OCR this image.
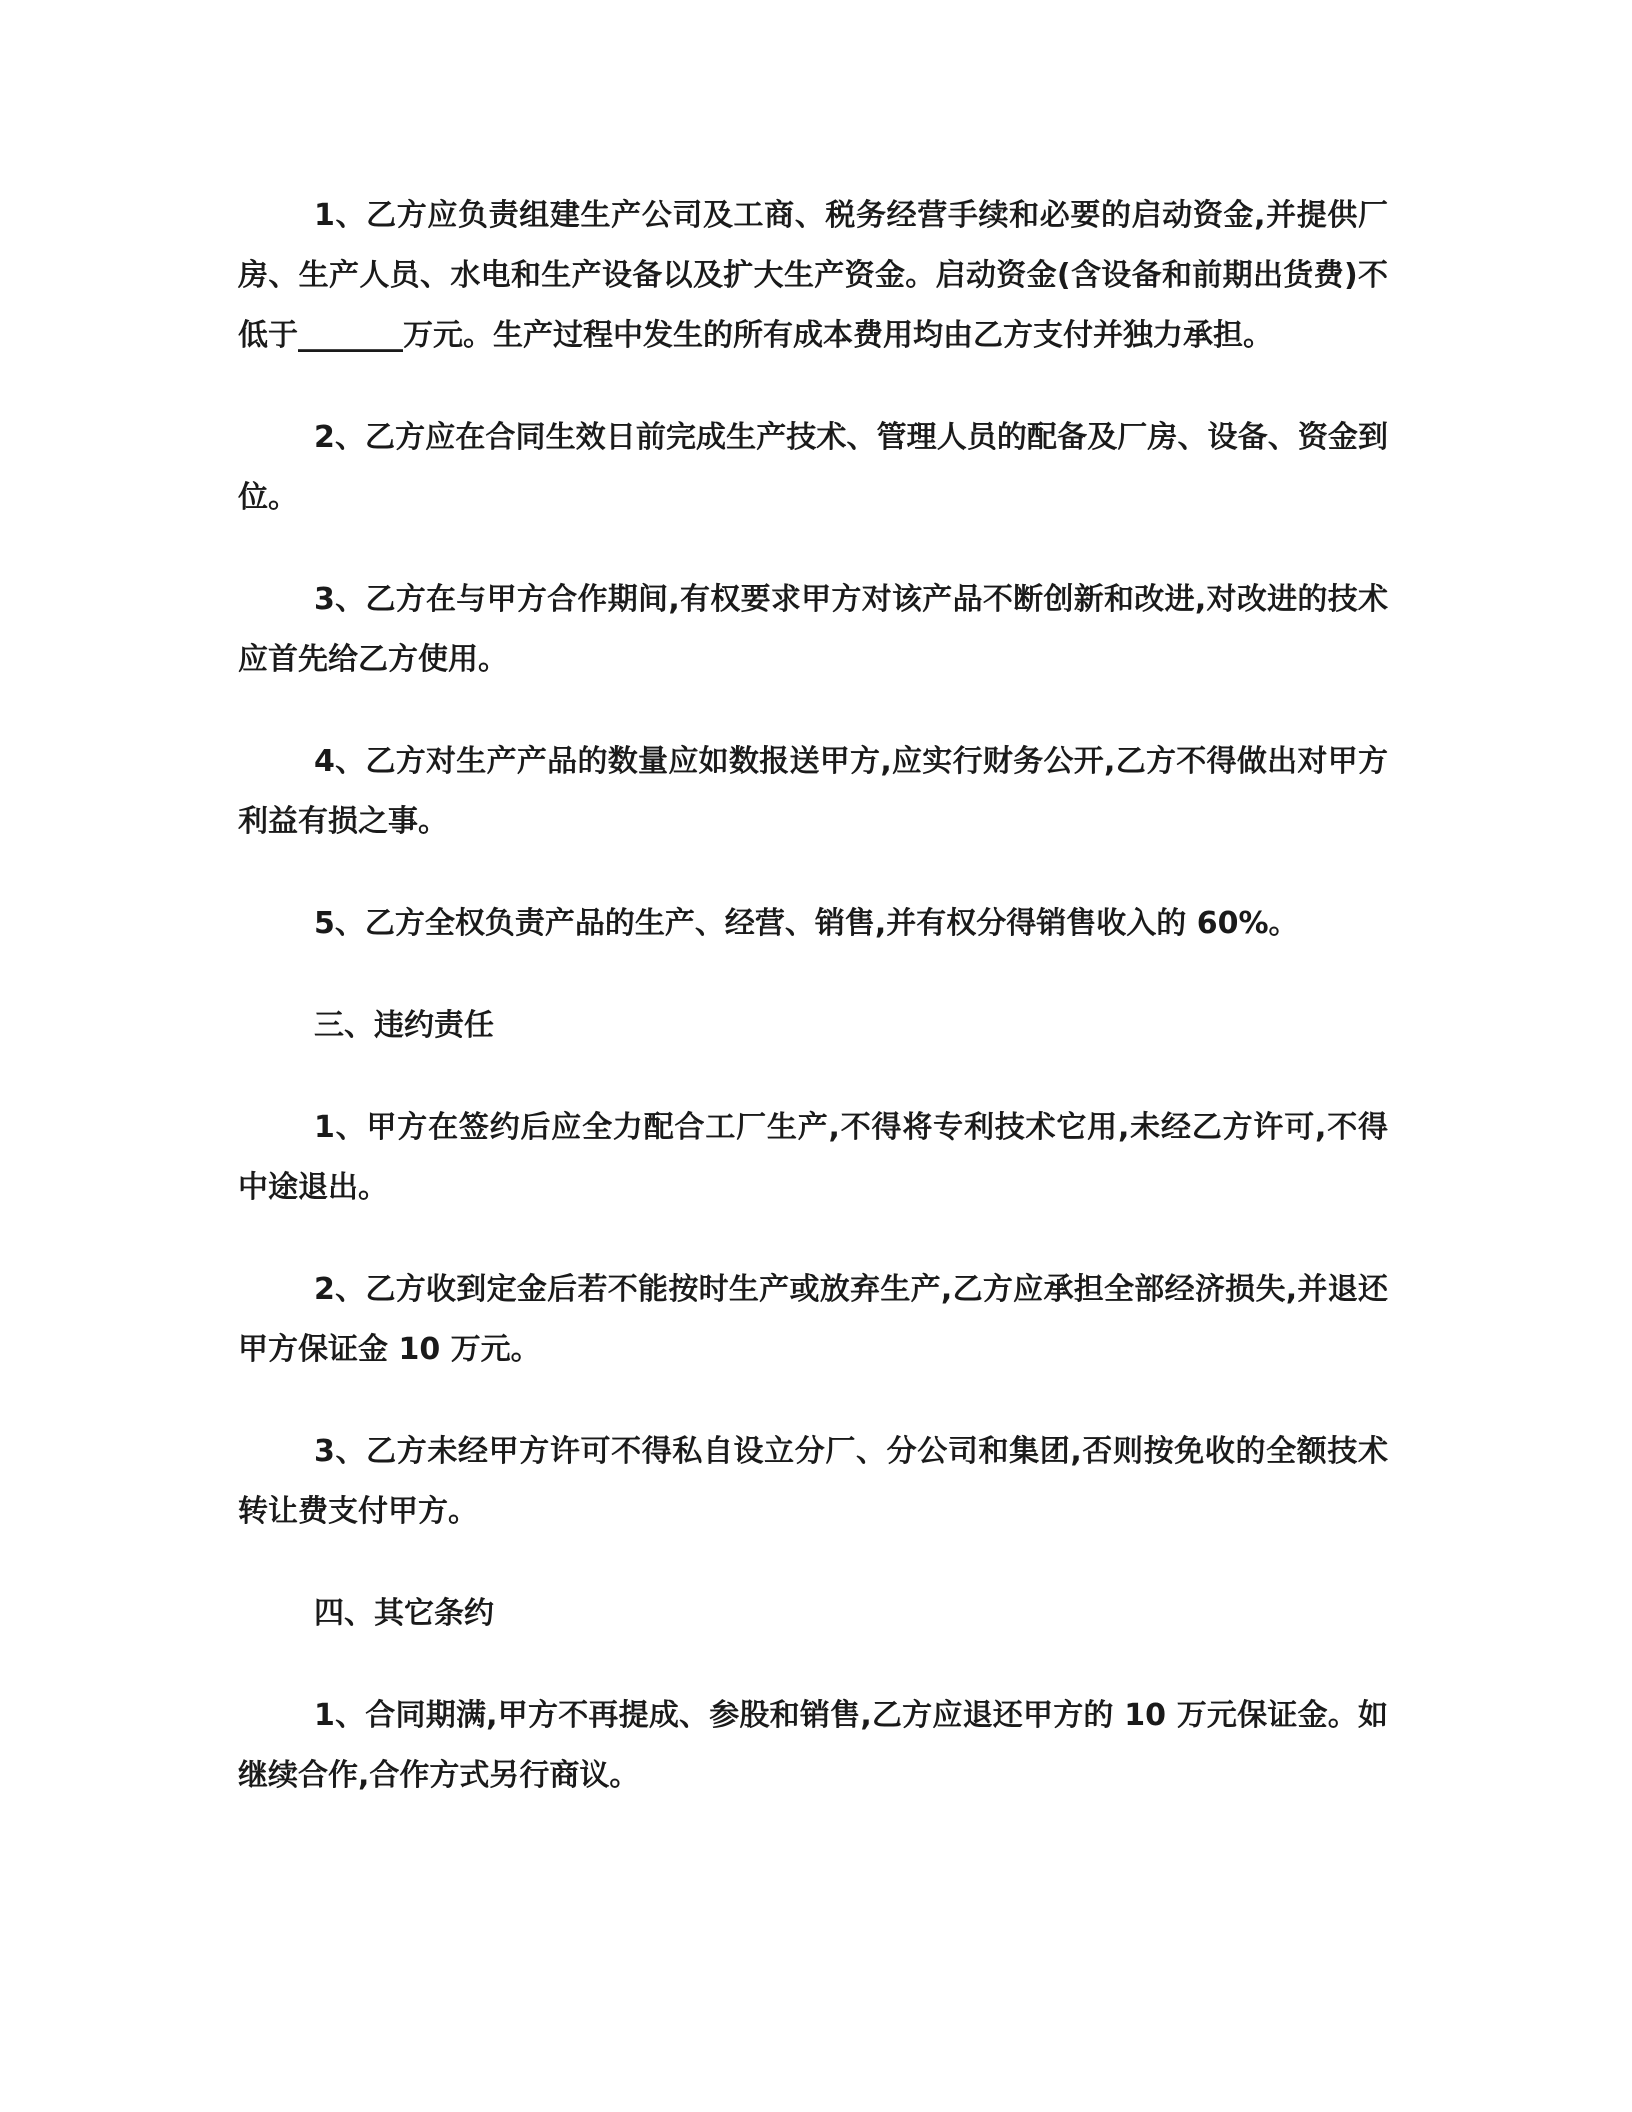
1、乙方应负责组建生产公司及工商、税务经营手续和必要的启动资金,并提供厂房、生产人员、水电和生产设备以及扩大生产资金。启动资金(含设备和前期出货费)不低于_______万元。生产过程中发生的所有成本费用均由乙方支付并独力承担。

2、乙方应在合同生效日前完成生产技术、管理人员的配备及厂房、设备、资金到位。

3、乙方在与甲方合作期间,有权要求甲方对该产品不断创新和改进,对改进的技术应首先给乙方使用。

4、乙方对生产产品的数量应如数报送甲方,应实行财务公开,乙方不得做出对甲方利益有损之事。

5、乙方全权负责产品的生产、经营、销售,并有权分得销售收入的 60%。

三、违约责任

1、甲方在签约后应全力配合工厂生产,不得将专利技术它用,未经乙方许可,不得中途退出。

2、乙方收到定金后若不能按时生产或放弃生产,乙方应承担全部经济损失,并退还甲方保证金 10 万元。

3、乙方未经甲方许可不得私自设立分厂、分公司和集团,否则按免收的全额技术转让费支付甲方。

四、其它条约

1、合同期满,甲方不再提成、参股和销售,乙方应退还甲方的 10 万元保证金。如继续合作,合作方式另行商议。
